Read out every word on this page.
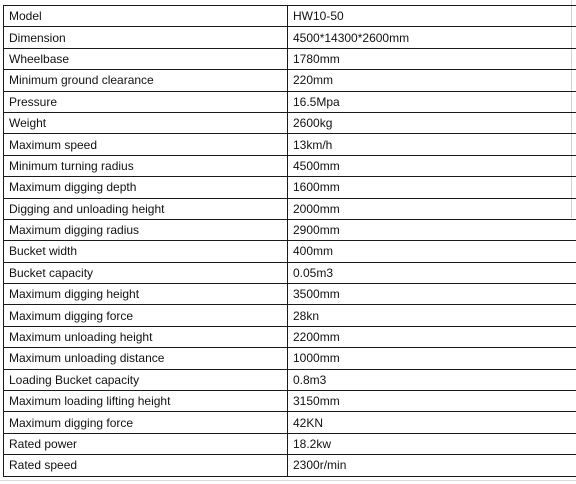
Model	HW10-50
Dimension	4500*14300*2600mm
Wheelbase	1780mm
Minimum ground clearance	220mm
Pressure	16.5Mpa
Weight	2600kg
Maximum speed	13km/h
Minimum turning radius	4500mm
Maximum digging depth	1600mm
Digging and unloading height	2000mm
Maximum digging radius	2900mm
Bucket width	400mm
Bucket capacity	0.05m3
Maximum digging height	3500mm
Maximum digging force	28kn
Maximum unloading height	2200mm
Maximum unloading distance	1000mm
Loading Bucket capacity	0.8m3
Maximum loading lifting height	3150mm
Maximum digging force	42KN
Rated power	18.2kw
Rated speed	2300r/min
